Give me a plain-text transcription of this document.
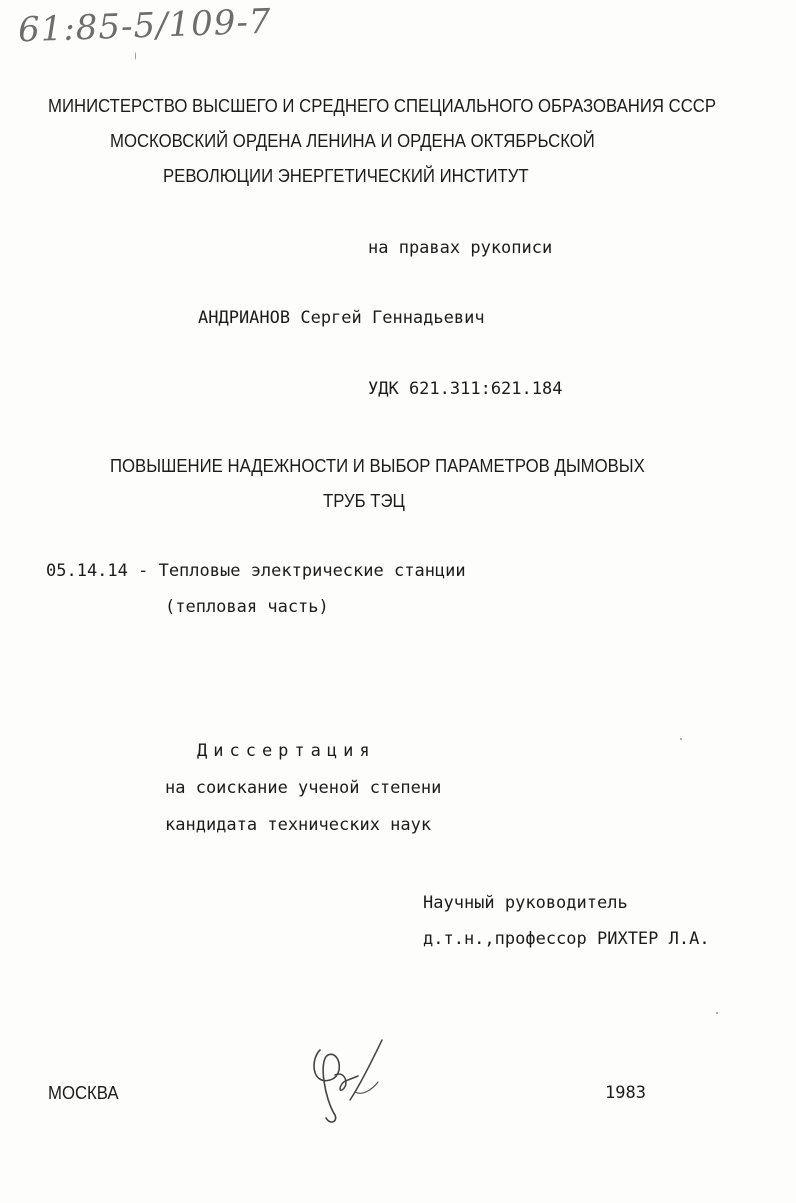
61:85-5/109-7
МИНИСТЕРСТВО ВЫСШЕГО И СРЕДНЕГО СПЕЦИАЛЬНОГО ОБРАЗОВАНИЯ СССР
МОСКОВСКИЙ ОРДЕНА ЛЕНИНА И ОРДЕНА ОКТЯБРЬСКОЙ
РЕВОЛЮЦИИ ЭНЕРГЕТИЧЕСКИЙ ИНСТИТУТ
на правах рукописи
АНДРИАНОВ Сергей Геннадьевич
УДК 621.311:621.184
ПОВЫШЕНИЕ НАДЕЖНОСТИ И ВЫБОР ПАРАМЕТРОВ ДЫМОВЫХ
ТРУБ ТЭЦ
05.14.14 - Тепловые электрические станции
(тепловая часть)
Диссертация
на соискание ученой степени
кандидата технических наук
Научный руководитель
д.т.н.,профессор РИХТЕР Л.А.
МОСКВА	1983
